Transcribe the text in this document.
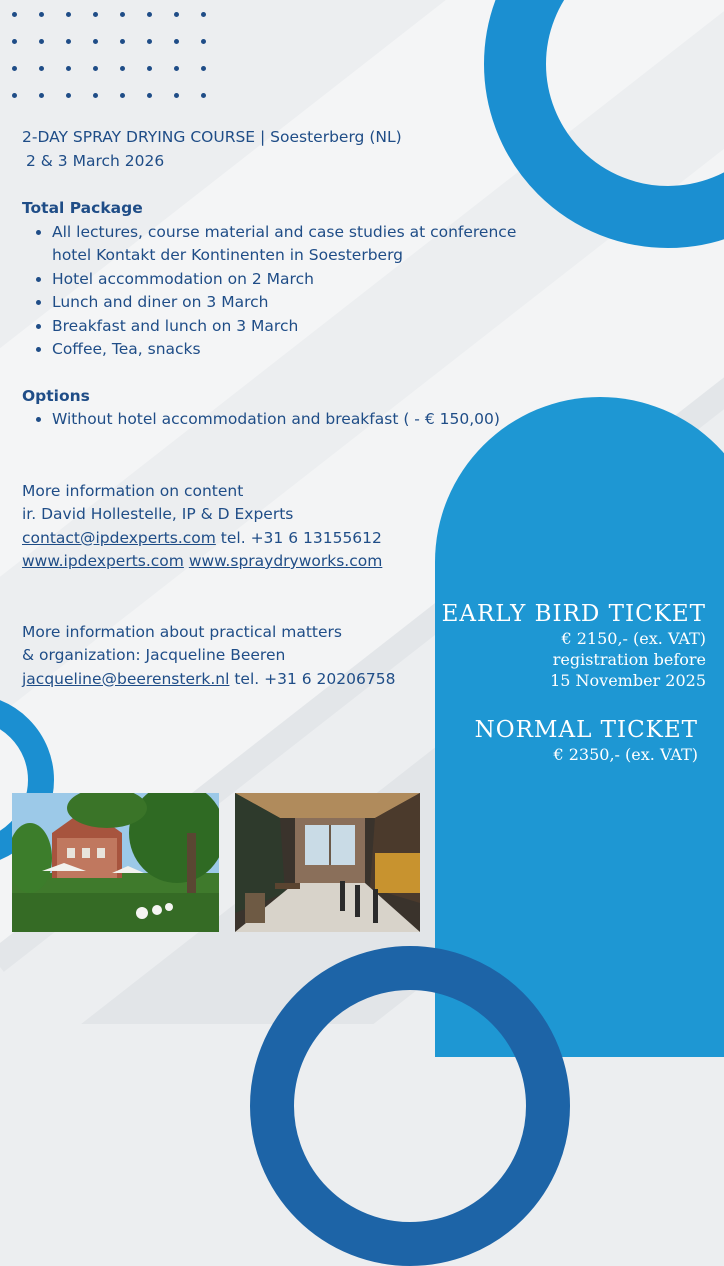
2-DAY SPRAY DRYING COURSE | Soesterberg (NL)

2 & 3 March 2026

Total Package

• All lectures, course material and case studies at conference hotel Kontakt der Kontinenten in Soesterberg
• Hotel accommodation on 2 March
• Lunch and diner on 3 March
• Breakfast and lunch on 3 March
• Coffee, Tea, snacks

Options

• Without hotel accommodation and breakfast ( - € 150,00)

More information on content

ir. David Hollestelle, IP & D Experts

contact@ipdexperts.com tel. +31 6 13155612

www.ipdexperts.com www.spraydryworks.com

More information about practical matters

& organization: Jacqueline Beeren

jacqueline@beerensterk.nl tel. +31 6 20206758

EARLY BIRD TICKET
€ 2150,- (ex. VAT)
registration before
15 November 2025
NORMAL TICKET
€ 2350,- (ex. VAT)
